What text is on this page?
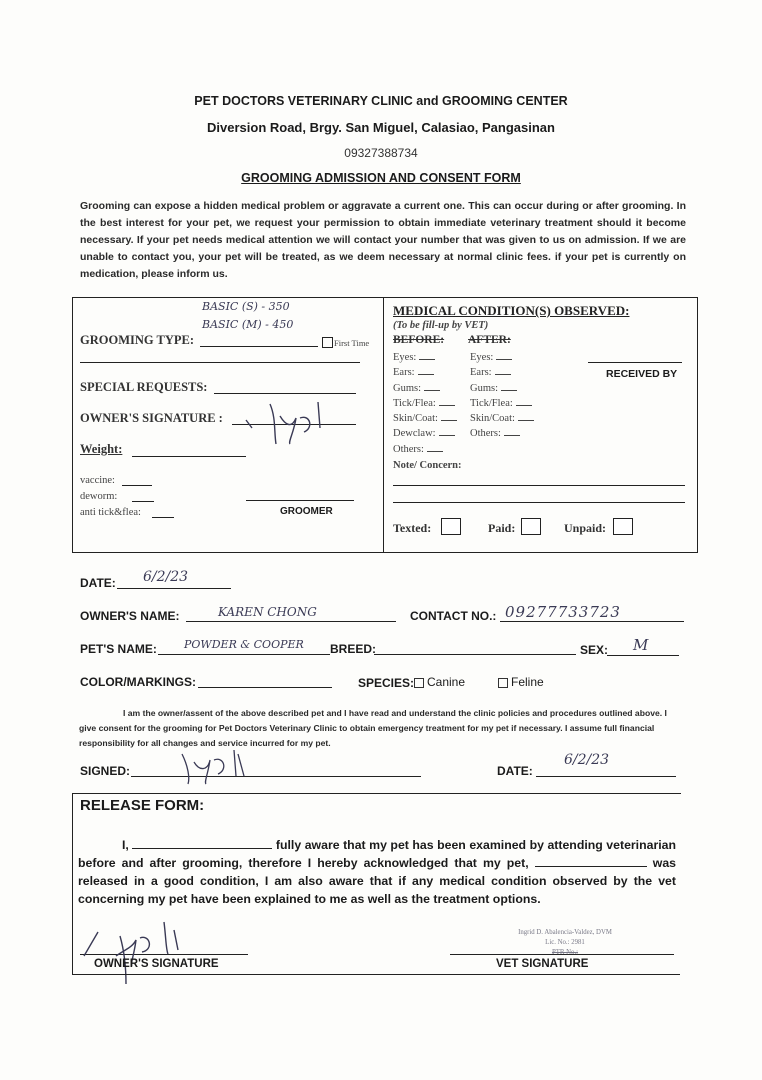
PET DOCTORS VETERINARY CLINIC and GROOMING CENTER
Diversion Road, Brgy. San Miguel, Calasiao, Pangasinan
09327388734
GROOMING ADMISSION AND CONSENT FORM
Grooming can expose a hidden medical problem or aggravate a current one. This can occur during or after grooming. In the best interest for your pet, we request your permission to obtain immediate veterinary treatment should it become necessary. If your pet needs medical attention we will contact your number that was given to us on admission. If we are unable to contact you, your pet will be treated, as we deem necessary at normal clinic fees. if your pet is currently on medication, please inform us.
BASIC (S) - 350
BASIC (M) - 450
GROOMING TYPE:	First Time
SPECIAL REQUESTS:
OWNER'S SIGNATURE :
Weight:
vaccine:
deworm:
anti tick&flea:	GROOMER
MEDICAL CONDITION(S) OBSERVED:
(To be fill-up by VET)
BEFORE: AFTER:
Eyes:
Ears:
Gums:
Tick/Flea:
Skin/Coat:
Dewclaw:
Others:
Eyes:
Ears:
Gums:
Tick/Flea:
Skin/Coat:
Others:
RECEIVED BY
Note/ Concern:
Texted:	Paid:	Unpaid:
DATE: 6/2/23
OWNER'S NAME:	KAREN CHONG	CONTACT NO.: 09277733723
PET'S NAME: POWDER & COOPER BREED:	SEX: M
COLOR/MARKINGS:	SPECIES: Canine	Feline
I am the owner/assent of the above described pet and I have read and understand the clinic policies and procedures outlined above. I give consent for the grooming for Pet Doctors Veterinary Clinic to obtain emergency treatment for my pet if necessary. I assume full financial responsibility for all changes and service incurred for my pet.
SIGNED:	DATE:
6/2/23
RELEASE FORM:
I,	fully aware that my pet has been examined by attending veterinarian before and after grooming, therefore I hereby acknowledged that my pet,	was released in a good condition, I am also aware that if any medical condition observed by the vet concerning my pet have been explained to me as well as the treatment options.
OWNER'S SIGNATURE
Ingrid D. Abalencia-Valdez, DVM
Lic. No.: 2981
PTR No.:
VET SIGNATURE
